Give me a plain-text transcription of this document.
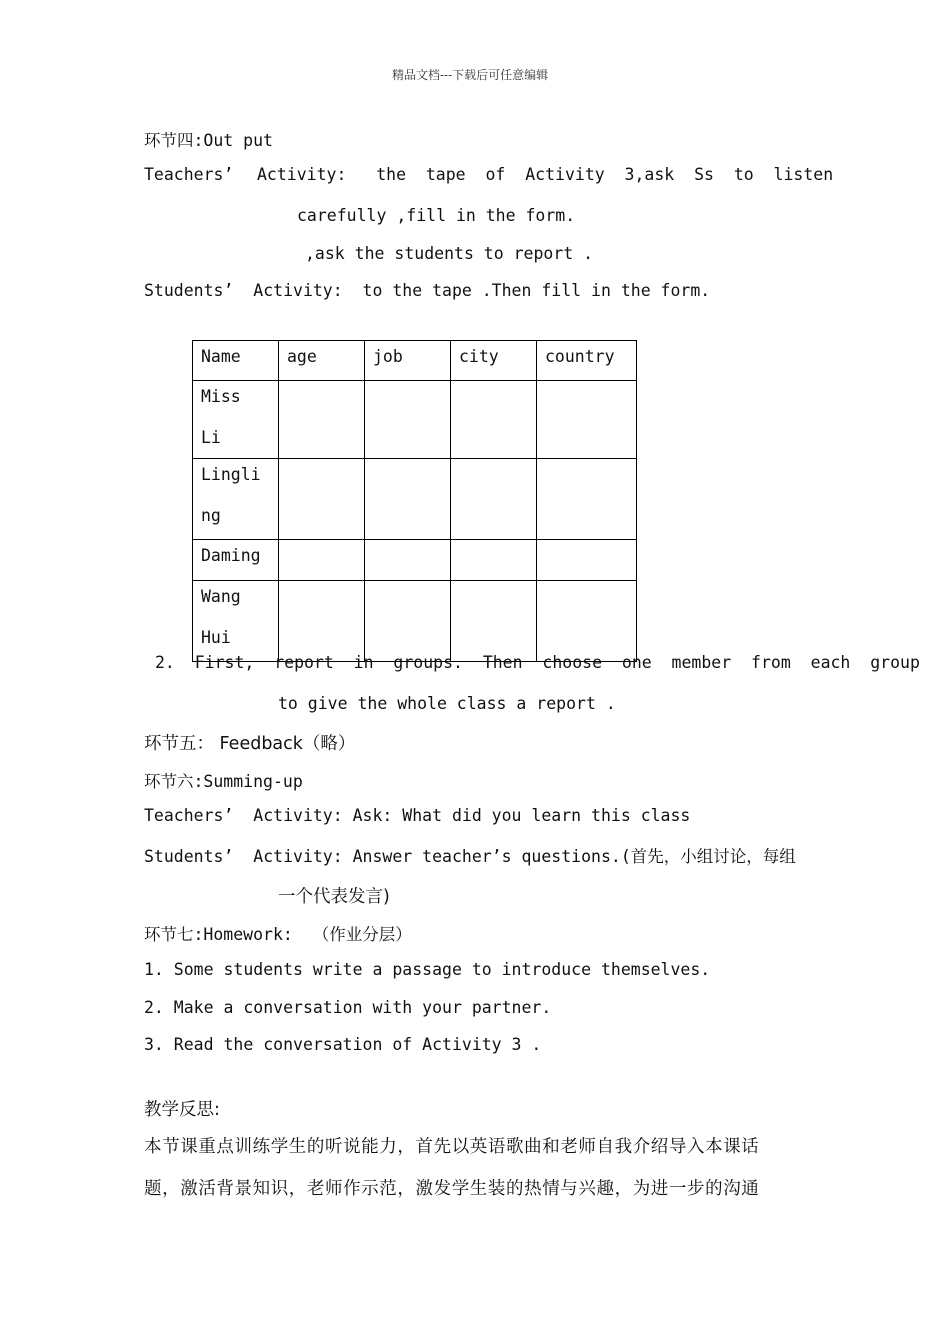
精品文档---下载后可任意编辑
环节四:Out put
Teachers’ Activity:   the  tape  of  Activity  3,ask  Ss  to  listen
carefully ,fill in the form.
,ask the students to report .
Students’  Activity:  to the tape .Then fill in the form.
Name	age	job	city	country

Miss Li				

Lingling				

Daming				

Wang Hui				

2.  First,  report  in  groups.  Then  choose  one  member  from  each  group
to give the whole class a report .
环节五： Feedback（略）
环节六:Summing-up
Teachers’  Activity: Ask: What did you learn this class
Students’  Activity: Answer teacher’s questions.(首先，小组讨论，每组
一个代表发言)
环节七:Homework:  （作业分层）
1. Some students write a passage to introduce themselves.
2. Make a conversation with your partner.
3. Read the conversation of Activity 3 .
教学反思:
本节课重点训练学生的听说能力，首先以英语歌曲和老师自我介绍导入本课话
题，激活背景知识，老师作示范，激发学生装的热情与兴趣，为进一步的沟通
